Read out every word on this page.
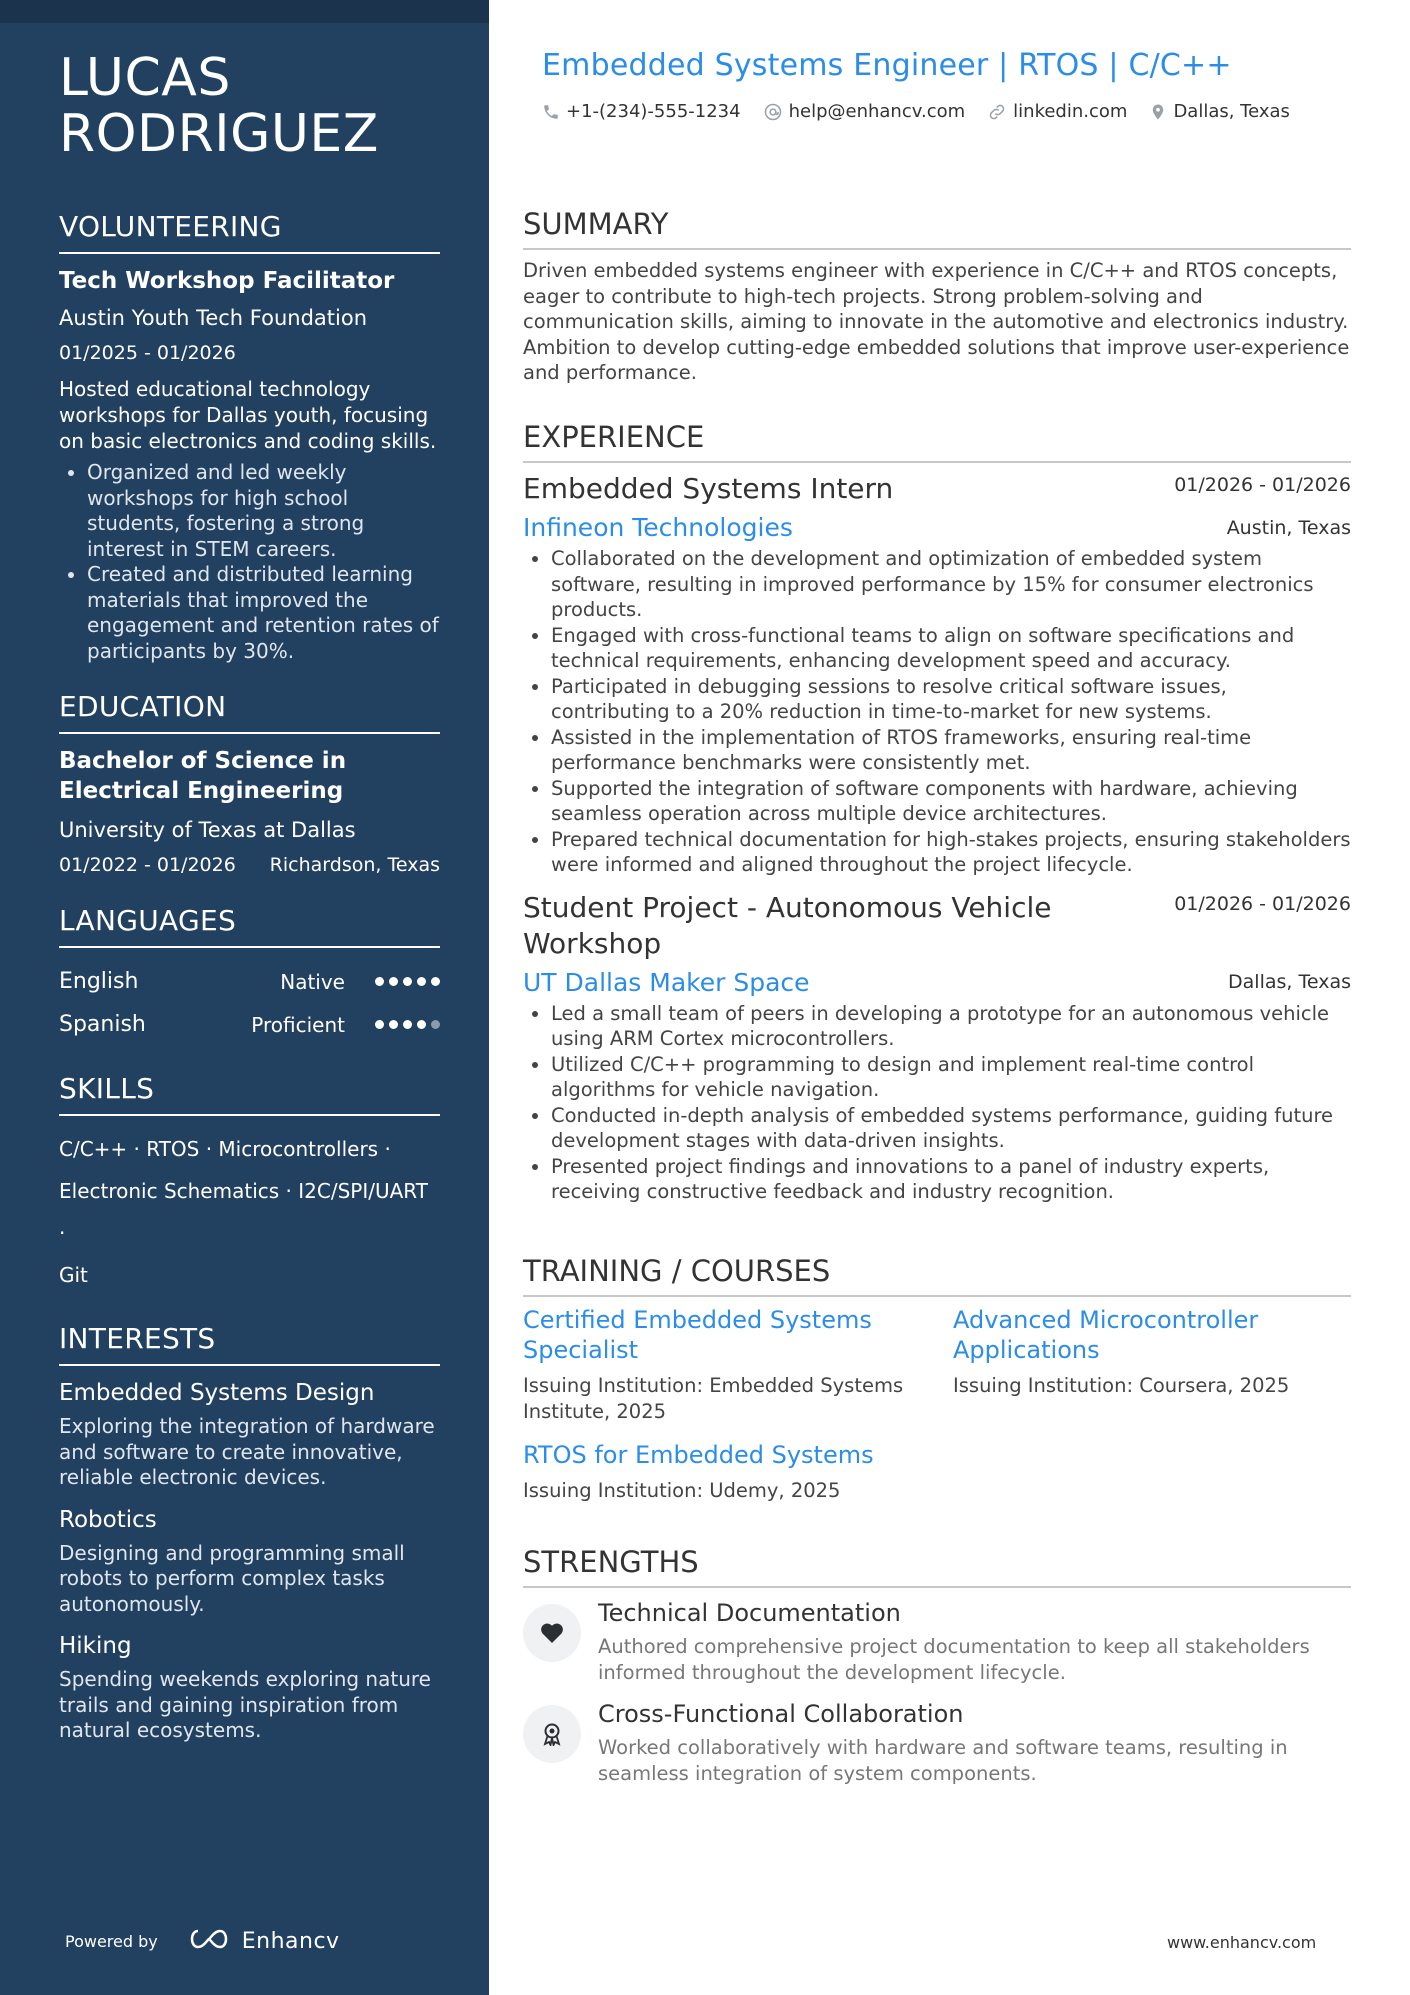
LUCAS
RODRIGUEZ
VOLUNTEERING
Tech Workshop Facilitator
Austin Youth Tech Foundation
01/2025 - 01/2026
Hosted educational technology workshops for Dallas youth, focusing on basic electronics and coding skills.
• Organized and led weekly workshops for high school students, fostering a strong interest in STEM careers.
• Created and distributed learning materials that improved the engagement and retention rates of participants by 30%.
EDUCATION
Bachelor of Science in Electrical Engineering
University of Texas at Dallas
01/2022 - 01/2026 Richardson, Texas
LANGUAGES
English	Native
Spanish	Proficient
SKILLS
C/C++ · RTOS · Microcontrollers ·
Electronic Schematics · I2C/SPI/UART ·
Git
INTERESTS
Embedded Systems Design
Exploring the integration of hardware and software to create innovative, reliable electronic devices.
Robotics
Designing and programming small robots to perform complex tasks autonomously.
Hiking
Spending weekends exploring nature trails and gaining inspiration from natural ecosystems.
Powered by	Enhancv
Embedded Systems Engineer | RTOS | C/C++
+1-(234)-555-1234	help@enhancv.com	linkedin.com	Dallas, Texas
SUMMARY
Driven embedded systems engineer with experience in C/C++ and RTOS concepts, eager to contribute to high-tech projects. Strong problem-solving and communication skills, aiming to innovate in the automotive and electronics industry. Ambition to develop cutting-edge embedded solutions that improve user-experience and performance.
EXPERIENCE
Embedded Systems Intern	01/2026 - 01/2026
Infineon Technologies	Austin, Texas
• Collaborated on the development and optimization of embedded system software, resulting in improved performance by 15% for consumer electronics products.
• Engaged with cross-functional teams to align on software specifications and technical requirements, enhancing development speed and accuracy.
• Participated in debugging sessions to resolve critical software issues, contributing to a 20% reduction in time-to-market for new systems.
• Assisted in the implementation of RTOS frameworks, ensuring real-time performance benchmarks were consistently met.
• Supported the integration of software components with hardware, achieving seamless operation across multiple device architectures.
• Prepared technical documentation for high-stakes projects, ensuring stakeholders were informed and aligned throughout the project lifecycle.
Student Project - Autonomous Vehicle Workshop
01/2026 - 01/2026
UT Dallas Maker Space	Dallas, Texas
• Led a small team of peers in developing a prototype for an autonomous vehicle using ARM Cortex microcontrollers.
• Utilized C/C++ programming to design and implement real-time control algorithms for vehicle navigation.
• Conducted in-depth analysis of embedded systems performance, guiding future development stages with data-driven insights.
• Presented project findings and innovations to a panel of industry experts, receiving constructive feedback and industry recognition.
TRAINING / COURSES
Certified Embedded Systems Specialist
Issuing Institution: Embedded Systems Institute, 2025
Advanced Microcontroller Applications
Issuing Institution: Coursera, 2025
RTOS for Embedded Systems
Issuing Institution: Udemy, 2025
STRENGTHS
Technical Documentation
Authored comprehensive project documentation to keep all stakeholders informed throughout the development lifecycle.
Cross-Functional Collaboration
Worked collaboratively with hardware and software teams, resulting in seamless integration of system components.
www.enhancv.com
